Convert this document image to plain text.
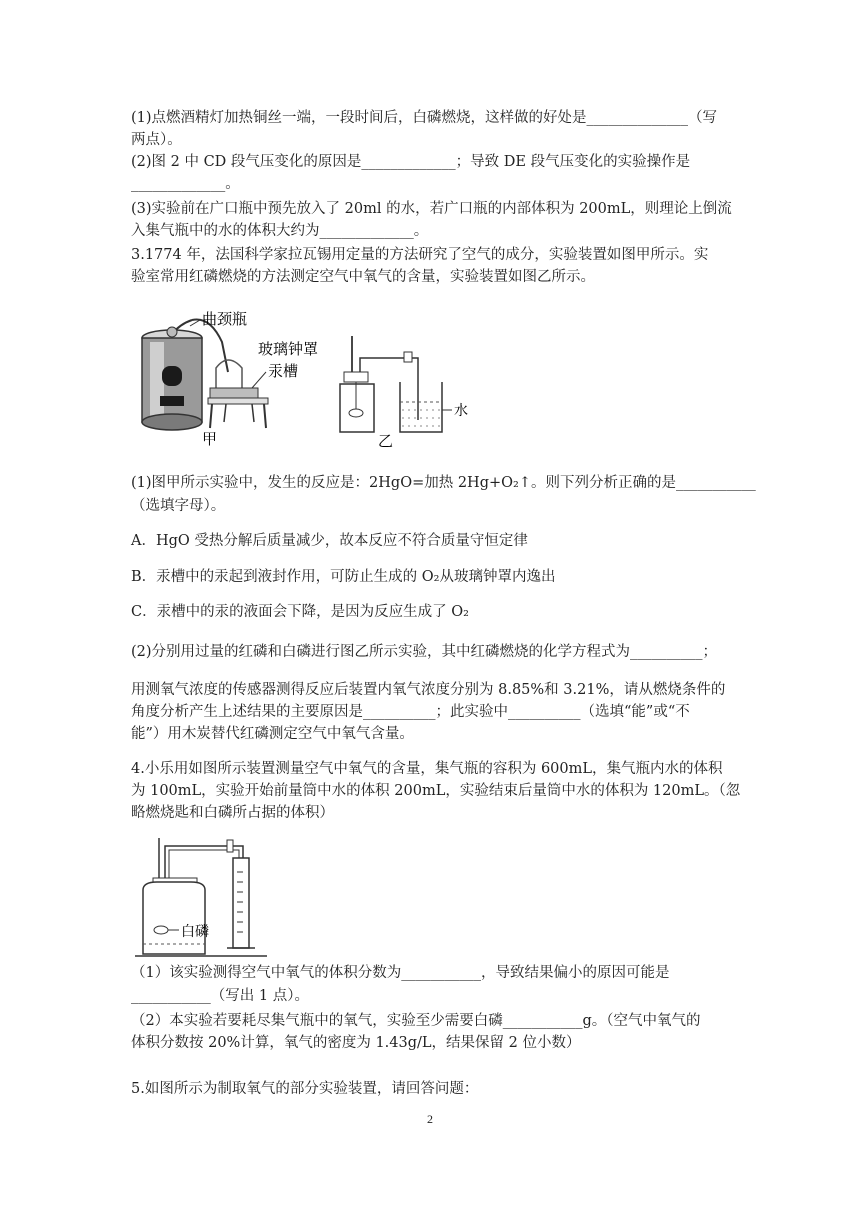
(1)点燃酒精灯加热铜丝一端，一段时间后，白磷燃烧，这样做的好处是______________（写
两点）。
(2)图 2 中 CD 段气压变化的原因是_____________；导致 DE 段气压变化的实验操作是
_____________。
(3)实验前在广口瓶中预先放入了 20ml 的水，若广口瓶的内部体积为 200mL，则理论上倒流
入集气瓶中的水的体积大约为_____________。
3.1774 年，法国科学家拉瓦锡用定量的方法研究了空气的成分，实验装置如图甲所示。实
验室常用红磷燃烧的方法测定空气中氧气的含量，实验装置如图乙所示。
曲颈瓶
玻璃钟罩
汞槽
甲
水
乙
(1)图甲所示实验中，发生的反应是：2HgO=加热 2Hg+O₂↑。则下列分析正确的是___________
（选填字母）。
A．HgO 受热分解后质量减少，故本反应不符合质量守恒定律
B．汞槽中的汞起到液封作用，可防止生成的 O₂从玻璃钟罩内逸出
C．汞槽中的汞的液面会下降，是因为反应生成了 O₂
(2)分别用过量的红磷和白磷进行图乙所示实验，其中红磷燃烧的化学方程式为__________；
用测氧气浓度的传感器测得反应后装置内氧气浓度分别为 8.85%和 3.21%，请从燃烧条件的
角度分析产生上述结果的主要原因是__________；此实验中__________（选填“能”或“不
能”）用木炭替代红磷测定空气中氧气含量。
4.小乐用如图所示装置测量空气中氧气的含量，集气瓶的容积为 600mL，集气瓶内水的体积
为 100mL，实验开始前量筒中水的体积 200mL，实验结束后量筒中水的体积为 120mL。（忽
略燃烧匙和白磷所占据的体积）
白磷
（1）该实验测得空气中氧气的体积分数为___________，导致结果偏小的原因可能是
___________（写出 1 点）。
（2）本实验若要耗尽集气瓶中的氧气，实验至少需要白磷___________g。（空气中氧气的
体积分数按 20%计算，氧气的密度为 1.43g/L，结果保留 2 位小数）
5.如图所示为制取氧气的部分实验装置，请回答问题：
2
